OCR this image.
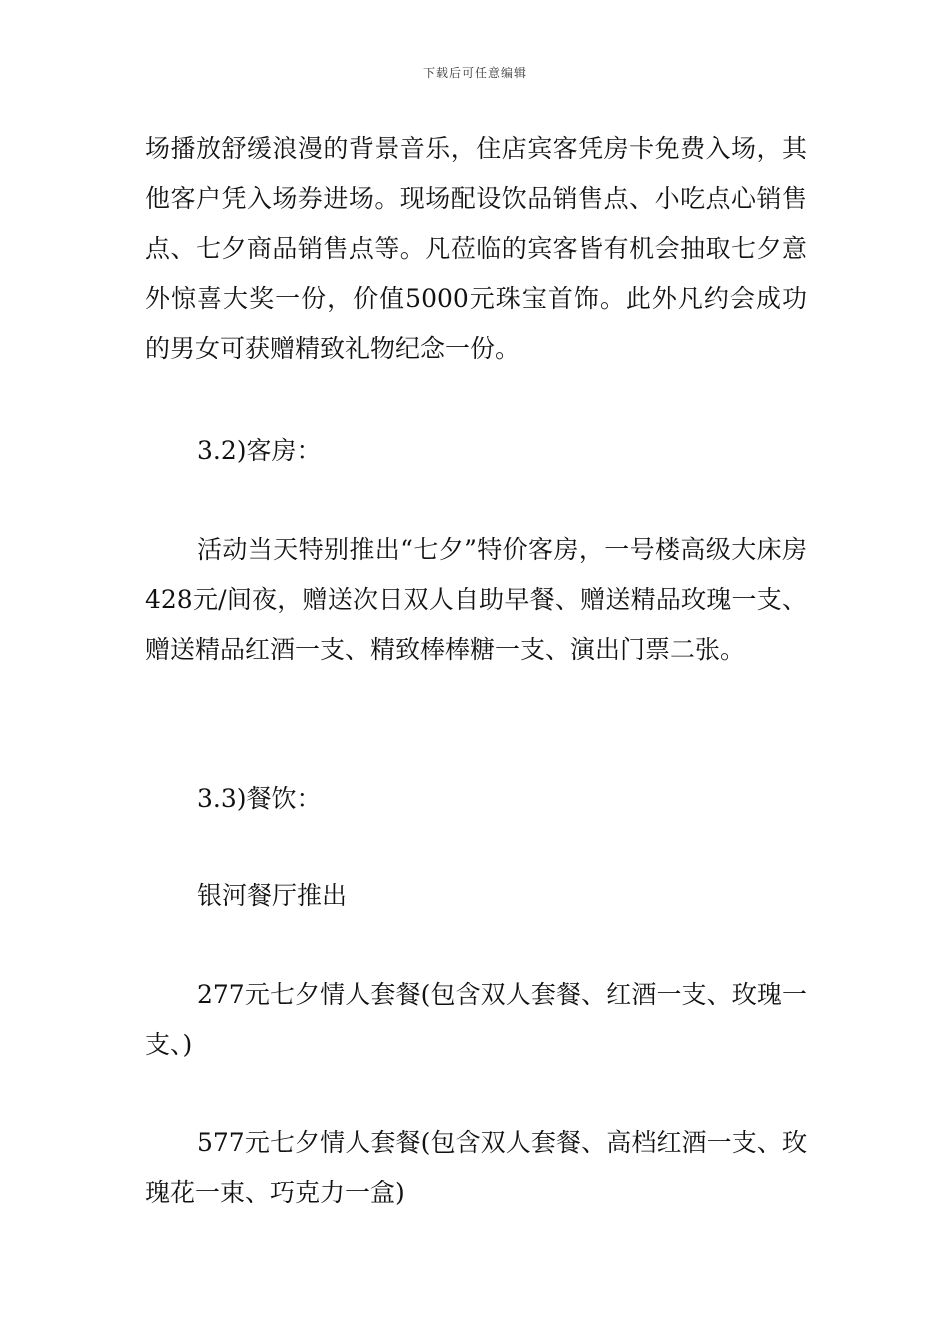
下载后可任意编辑

场播放舒缓浪漫的背景音乐，住店宾客凭房卡免费入场，其他客户凭入场券进场。现场配设饮品销售点、小吃点心销售点、七夕商品销售点等。凡莅临的宾客皆有机会抽取七夕意外惊喜大奖一份，价值5000元珠宝首饰。此外凡约会成功的男女可获赠精致礼物纪念一份。

3.2)客房：

活动当天特别推出“七夕”特价客房，一号楼高级大床房428元/间夜，赠送次日双人自助早餐、赠送精品玫瑰一支、赠送精品红酒一支、精致棒棒糖一支、演出门票二张。

3.3)餐饮：

银河餐厅推出

277元七夕情人套餐(包含双人套餐、红酒一支、玫瑰一支、)

577元七夕情人套餐(包含双人套餐、高档红酒一支、玫瑰花一束、巧克力一盒)
